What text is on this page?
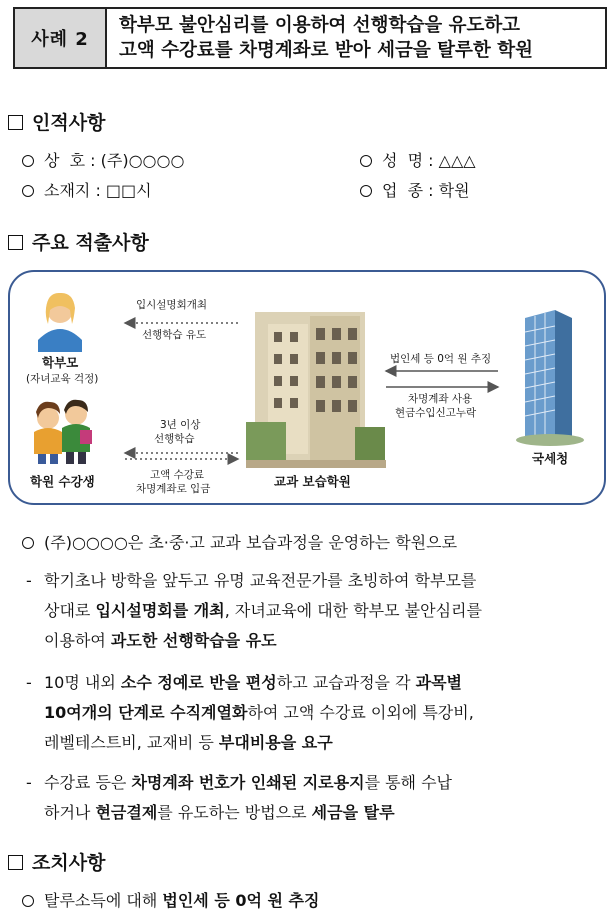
사례 2
학부모 불안심리를 이용하여 선행학습을 유도하고
고액 수강료를 차명계좌로 받아 세금을 탈루한 학원
인적사항
상  호 : (주)○○○○	성  명 : △△△
소재지 : □□시	업  종 : 학원
주요 적출사항
입시설명회개최
선행학습 유도
학부모
(자녀교육 걱정)
3년 이상
선행학습
고액 수강료
차명계좌로 입금
학원 수강생	교과 보습학원
법인세 등 0억 원 추징
차명계좌 사용
현금수입신고누락
국세청
(주)○○○○은 초·중·고 교과 보습과정을 운영하는 학원으로
- 학기초나 방학을 앞두고 유명 교육전문가를 초빙하여 학부모를
상대로 입시설명회를 개최, 자녀교육에 대한 학부모 불안심리를
이용하여 과도한 선행학습을 유도
- 10명 내외 소수 정예로 반을 편성하고 교습과정을 각 과목별
10여개의 단계로 수직계열화하여 고액 수강료 이외에 특강비,
레벨테스트비, 교재비 등 부대비용을 요구
- 수강료 등은 차명계좌 번호가 인쇄된 지로용지를 통해 수납
하거나 현금결제를 유도하는 방법으로 세금을 탈루
조치사항
탈루소득에 대해 법인세 등 0억 원 추징
